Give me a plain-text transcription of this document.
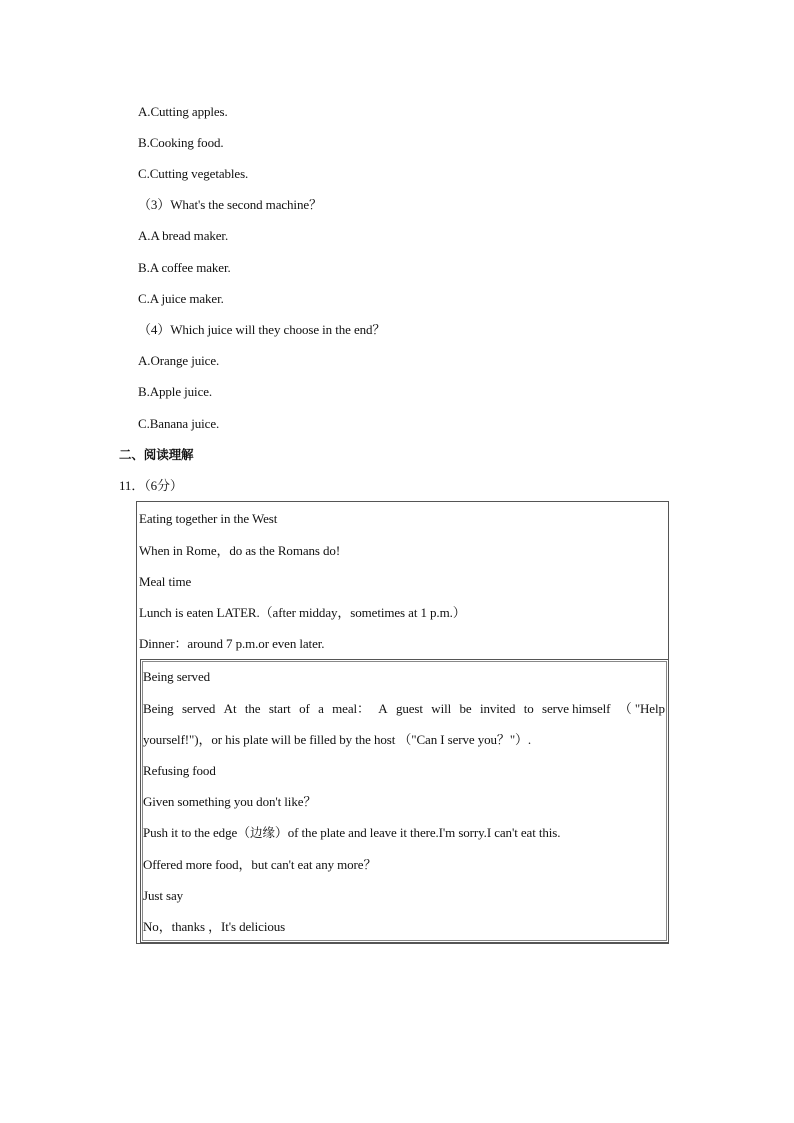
A.Cutting apples.
B.Cooking food.
C.Cutting vegetables.
（3）What's the second machine？
A.A bread maker.
B.A coffee maker.
C.A juice maker.
（4）Which juice will they choose in the end？
A.Orange juice.
B.Apple juice.
C.Banana juice.
二、阅读理解
11．（6分）
Eating together in the West
When in Rome，do as the Romans do!
Meal time
Lunch is eaten LATER.（after midday，sometimes at 1 p.m.）
Dinner：around 7 p.m.or even later.
Being served
Being served At the start of a meal： A guest will be invited to serve himself （ "Help
yourself!")，or his plate will be filled by the host （"Can I serve you？"）.
Refusing food
Given something you don't like？
Push it to the edge（边缘）of the plate and leave it there.I'm sorry.I can't eat this.
Offered more food，but can't eat any more？
Just say
No，thanks ，It's delicious
